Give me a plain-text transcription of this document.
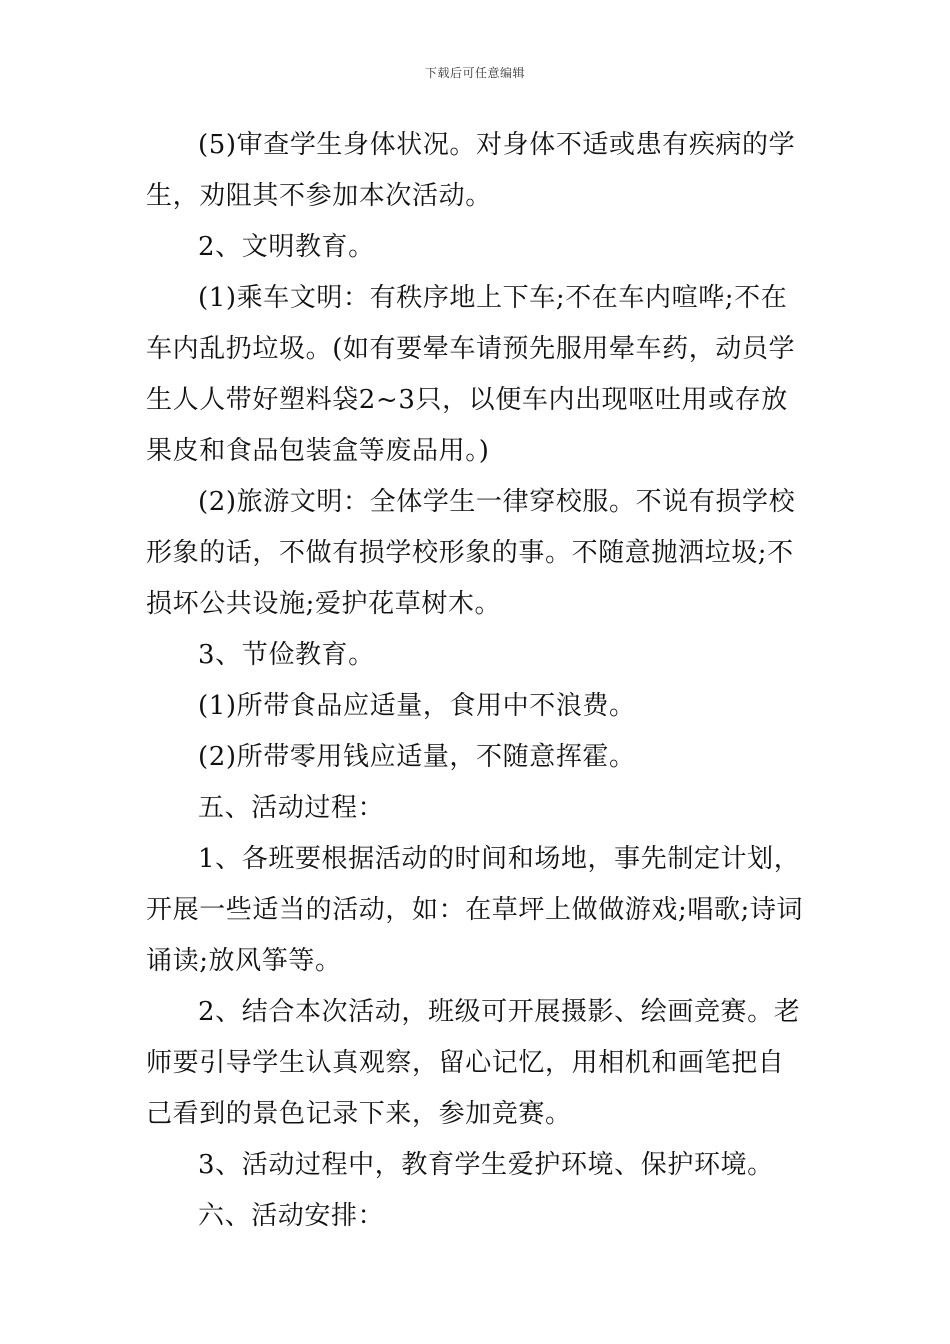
下载后可任意编辑

(5)审查学生身体状况。对身体不适或患有疾病的学生，劝阻其不参加本次活动。

2、文明教育。

(1)乘车文明：有秩序地上下车;不在车内喧哗;不在车内乱扔垃圾。(如有要晕车请预先服用晕车药，动员学生人人带好塑料袋2~3只，以便车内出现呕吐用或存放果皮和食品包装盒等废品用。)

(2)旅游文明：全体学生一律穿校服。不说有损学校形象的话，不做有损学校形象的事。不随意抛洒垃圾;不损坏公共设施;爱护花草树木。

3、节俭教育。

(1)所带食品应适量，食用中不浪费。

(2)所带零用钱应适量，不随意挥霍。

五、活动过程：

1、各班要根据活动的时间和场地，事先制定计划，开展一些适当的活动，如：在草坪上做做游戏;唱歌;诗词诵读;放风筝等。

2、结合本次活动，班级可开展摄影、绘画竞赛。老师要引导学生认真观察，留心记忆，用相机和画笔把自己看到的景色记录下来，参加竞赛。

3、活动过程中，教育学生爱护环境、保护环境。

六、活动安排：
